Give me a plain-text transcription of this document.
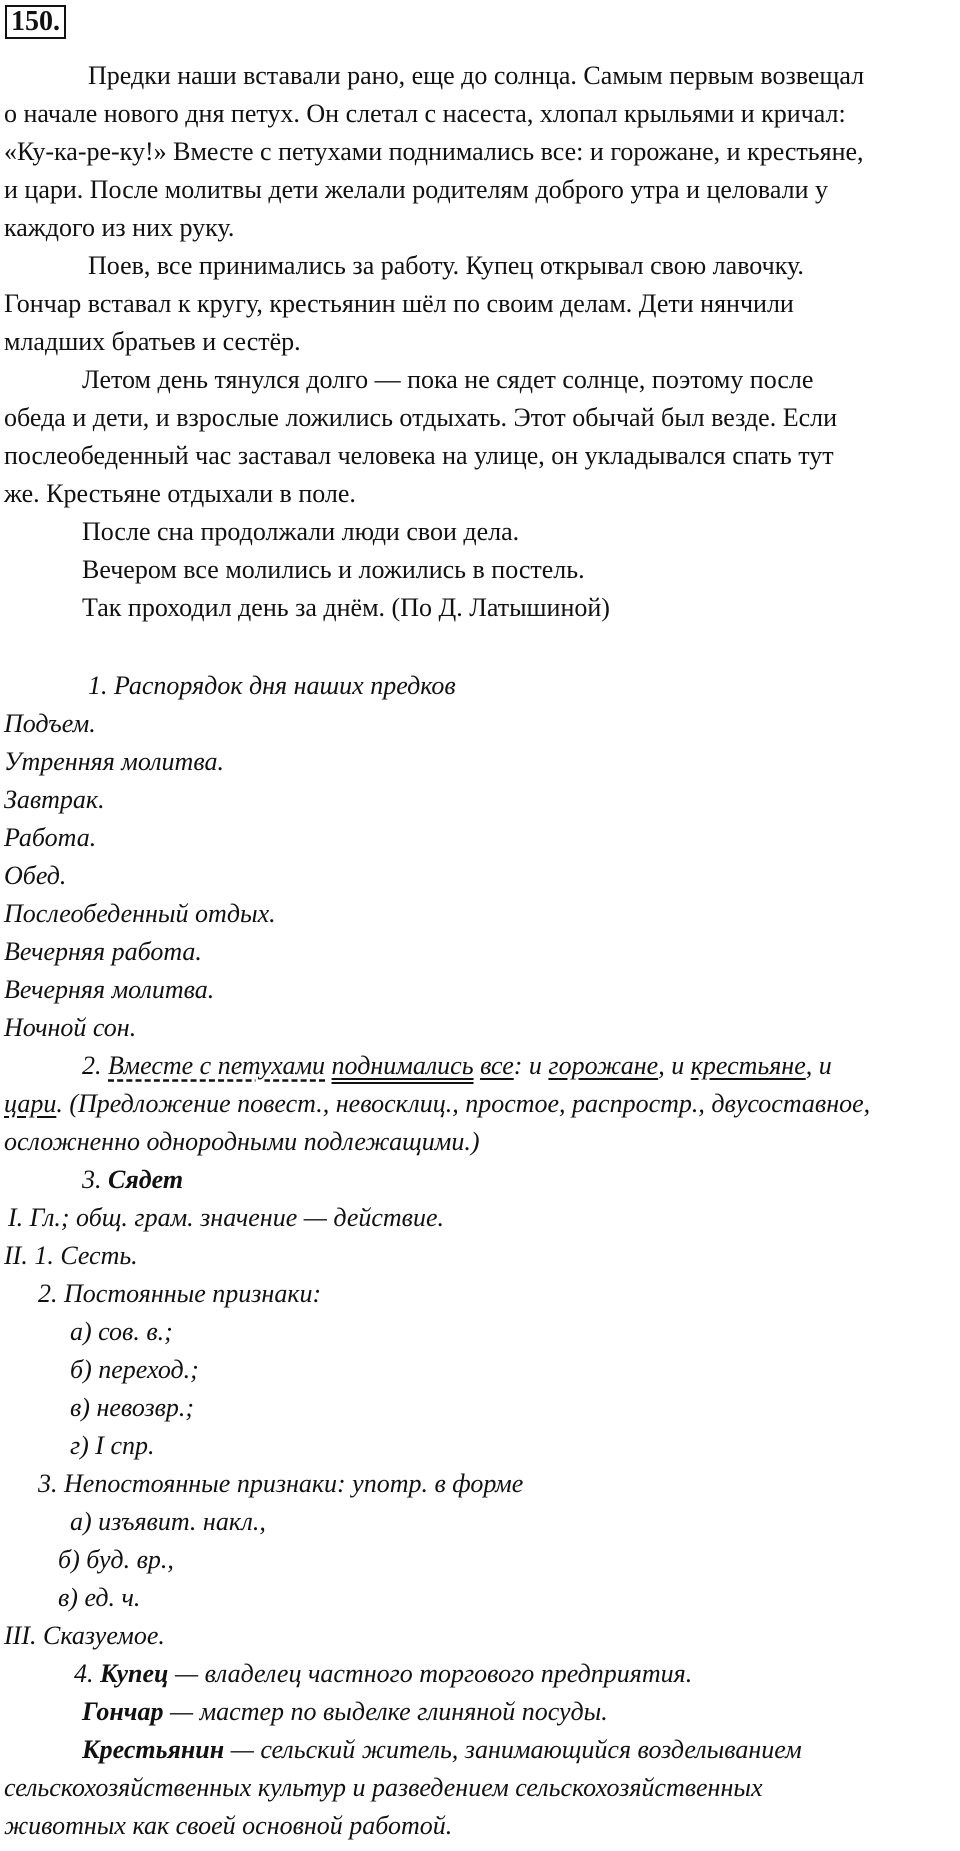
150.
Предки наши вставали рано, еще до солнца. Самым первым возвещал
о начале нового дня петух. Он слетал с насеста, хлопал крыльями и кричал:
«Ку-ка-ре-ку!» Вместе с петухами поднимались все: и горожане, и крестьяне,
и цари. После молитвы дети желали родителям доброго утра и целовали у
каждого из них руку.
Поев, все принимались за работу. Купец открывал свою лавочку.
Гончар вставал к кругу, крестьянин шёл по своим делам. Дети нянчили
младших братьев и сестёр.
Летом день тянулся долго — пока не сядет солнце, поэтому после
обеда и дети, и взрослые ложились отдыхать. Этот обычай был везде. Если
послеобеденный час заставал человека на улице, он укладывался спать тут
же. Крестьяне отдыхали в поле.
После сна продолжали люди свои дела.
Вечером все молились и ложились в постель.
Так проходил день за днём. (По Д. Латышиной)
1. Распорядок дня наших предков
Подъем.
Утренняя молитва.
Завтрак.
Работа.
Обед.
Послеобеденный отдых.
Вечерняя работа.
Вечерняя молитва.
Ночной сон.
2. Вместе с петухами поднимались все: и горожане, и крестьяне, и
цари. (Предложение повест., невосклиц., простое, распростр., двусоставное,
осложненно однородными подлежащими.)
3. Сядет
I. Гл.; общ. грам. значение — действие.
II. 1. Сесть.
2. Постоянные признаки:
а) сов. в.;
б) переход.;
в) невозвр.;
г) I спр.
3. Непостоянные признаки: употр. в форме
а) изъявит. накл.,
б) буд. вр.,
в) ед. ч.
III. Сказуемое.
4. Купец — владелец частного торгового предприятия.
Гончар — мастер по выделке глиняной посуды.
Крестьянин — сельский житель, занимающийся возделыванием
сельскохозяйственных культур и разведением сельскохозяйственных
животных как своей основной работой.
